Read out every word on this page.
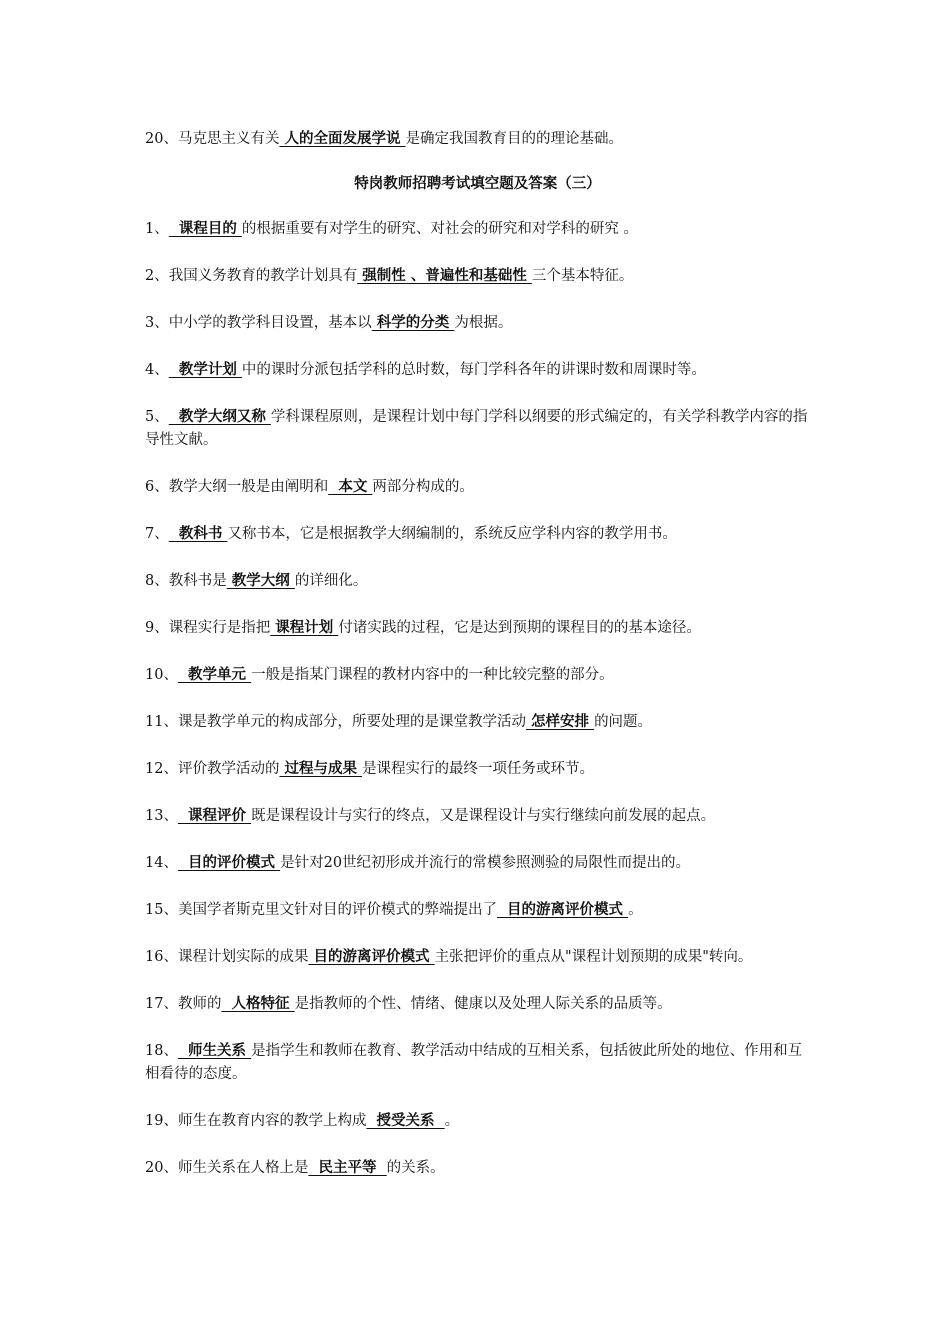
20、马克思主义有关 人的全面发展学说 是确定我国教育目的的理论基础。

特岗教师招聘考试填空题及答案（三）

1、  课程目的 的根据重要有对学生的研究、对社会的研究和对学科的研究 。

2、我国义务教育的教学计划具有 强制性 、普遍性和基础性 三个基本特征。

3、中小学的教学科目设置，基本以 科学的分类 为根据。

4、  教学计划 中的课时分派包括学科的总时数，每门学科各年的讲课时数和周课时等。

5、  教学大纲又称 学科课程原则，是课程计划中每门学科以纲要的形式编定的，有关学科教学内容的指导性文献。

6、教学大纲一般是由阐明和  本文 两部分构成的。

7、  教科书 又称书本，它是根据教学大纲编制的，系统反应学科内容的教学用书。

8、教科书是 教学大纲 的详细化。

9、课程实行是指把 课程计划 付诸实践的过程，它是达到预期的课程目的的基本途径。

10、  教学单元 一般是指某门课程的教材内容中的一种比较完整的部分。

11、课是教学单元的构成部分，所要处理的是课堂教学活动 怎样安排 的问题。

12、评价教学活动的 过程与成果 是课程实行的最终一项任务或环节。

13、  课程评价 既是课程设计与实行的终点，又是课程设计与实行继续向前发展的起点。

14、  目的评价模式 是针对20世纪初形成并流行的常模参照测验的局限性而提出的。

15、美国学者斯克里文针对目的评价模式的弊端提出了  目的游离评价模式 。

16、课程计划实际的成果 目的游离评价模式 主张把评价的重点从"课程计划预期的成果"转向。

17、教师的  人格特征 是指教师的个性、情绪、健康以及处理人际关系的品质等。

18、  师生关系 是指学生和教师在教育、教学活动中结成的互相关系，包括彼此所处的地位、作用和互相看待的态度。

19、师生在教育内容的教学上构成  授受关系  。

20、师生关系在人格上是  民主平等  的关系。
